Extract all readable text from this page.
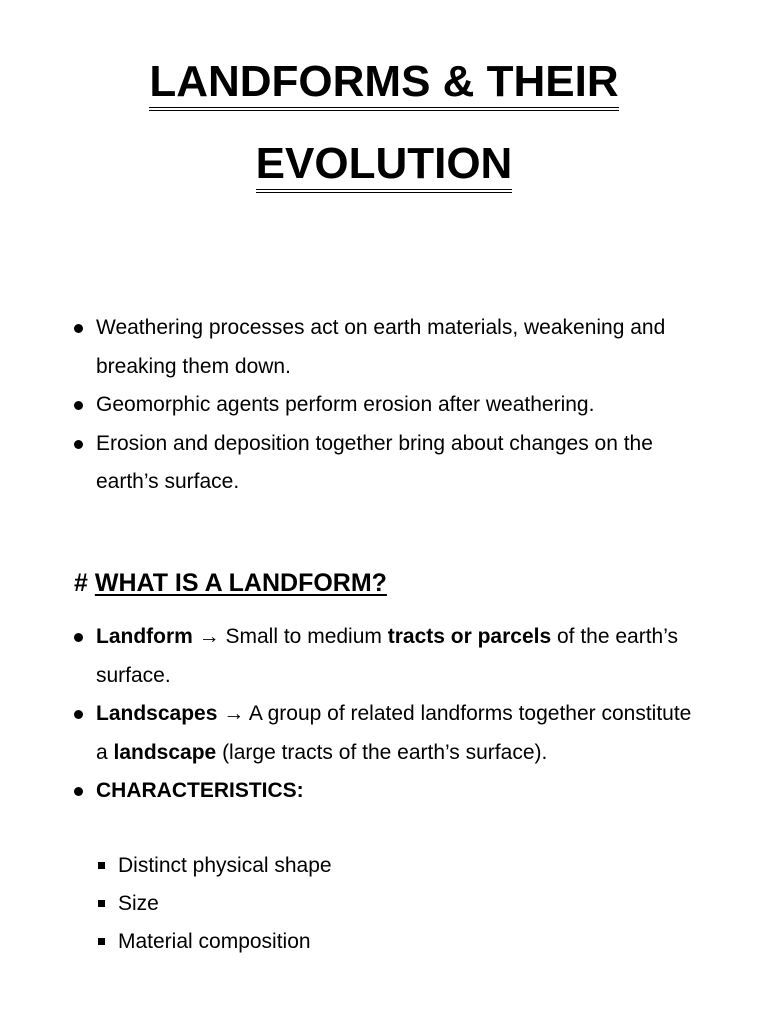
LANDFORMS & THEIR
EVOLUTION
Weathering processes act on earth materials, weakening and breaking them down.
Geomorphic agents perform erosion after weathering.
Erosion and deposition together bring about changes on the earth’s surface.
# WHAT IS A LANDFORM?
Landform → Small to medium tracts or parcels of the earth’s surface.
Landscapes → A group of related landforms together constitute a landscape (large tracts of the earth’s surface).
CHARACTERISTICS:
Distinct physical shape
Size
Material composition
